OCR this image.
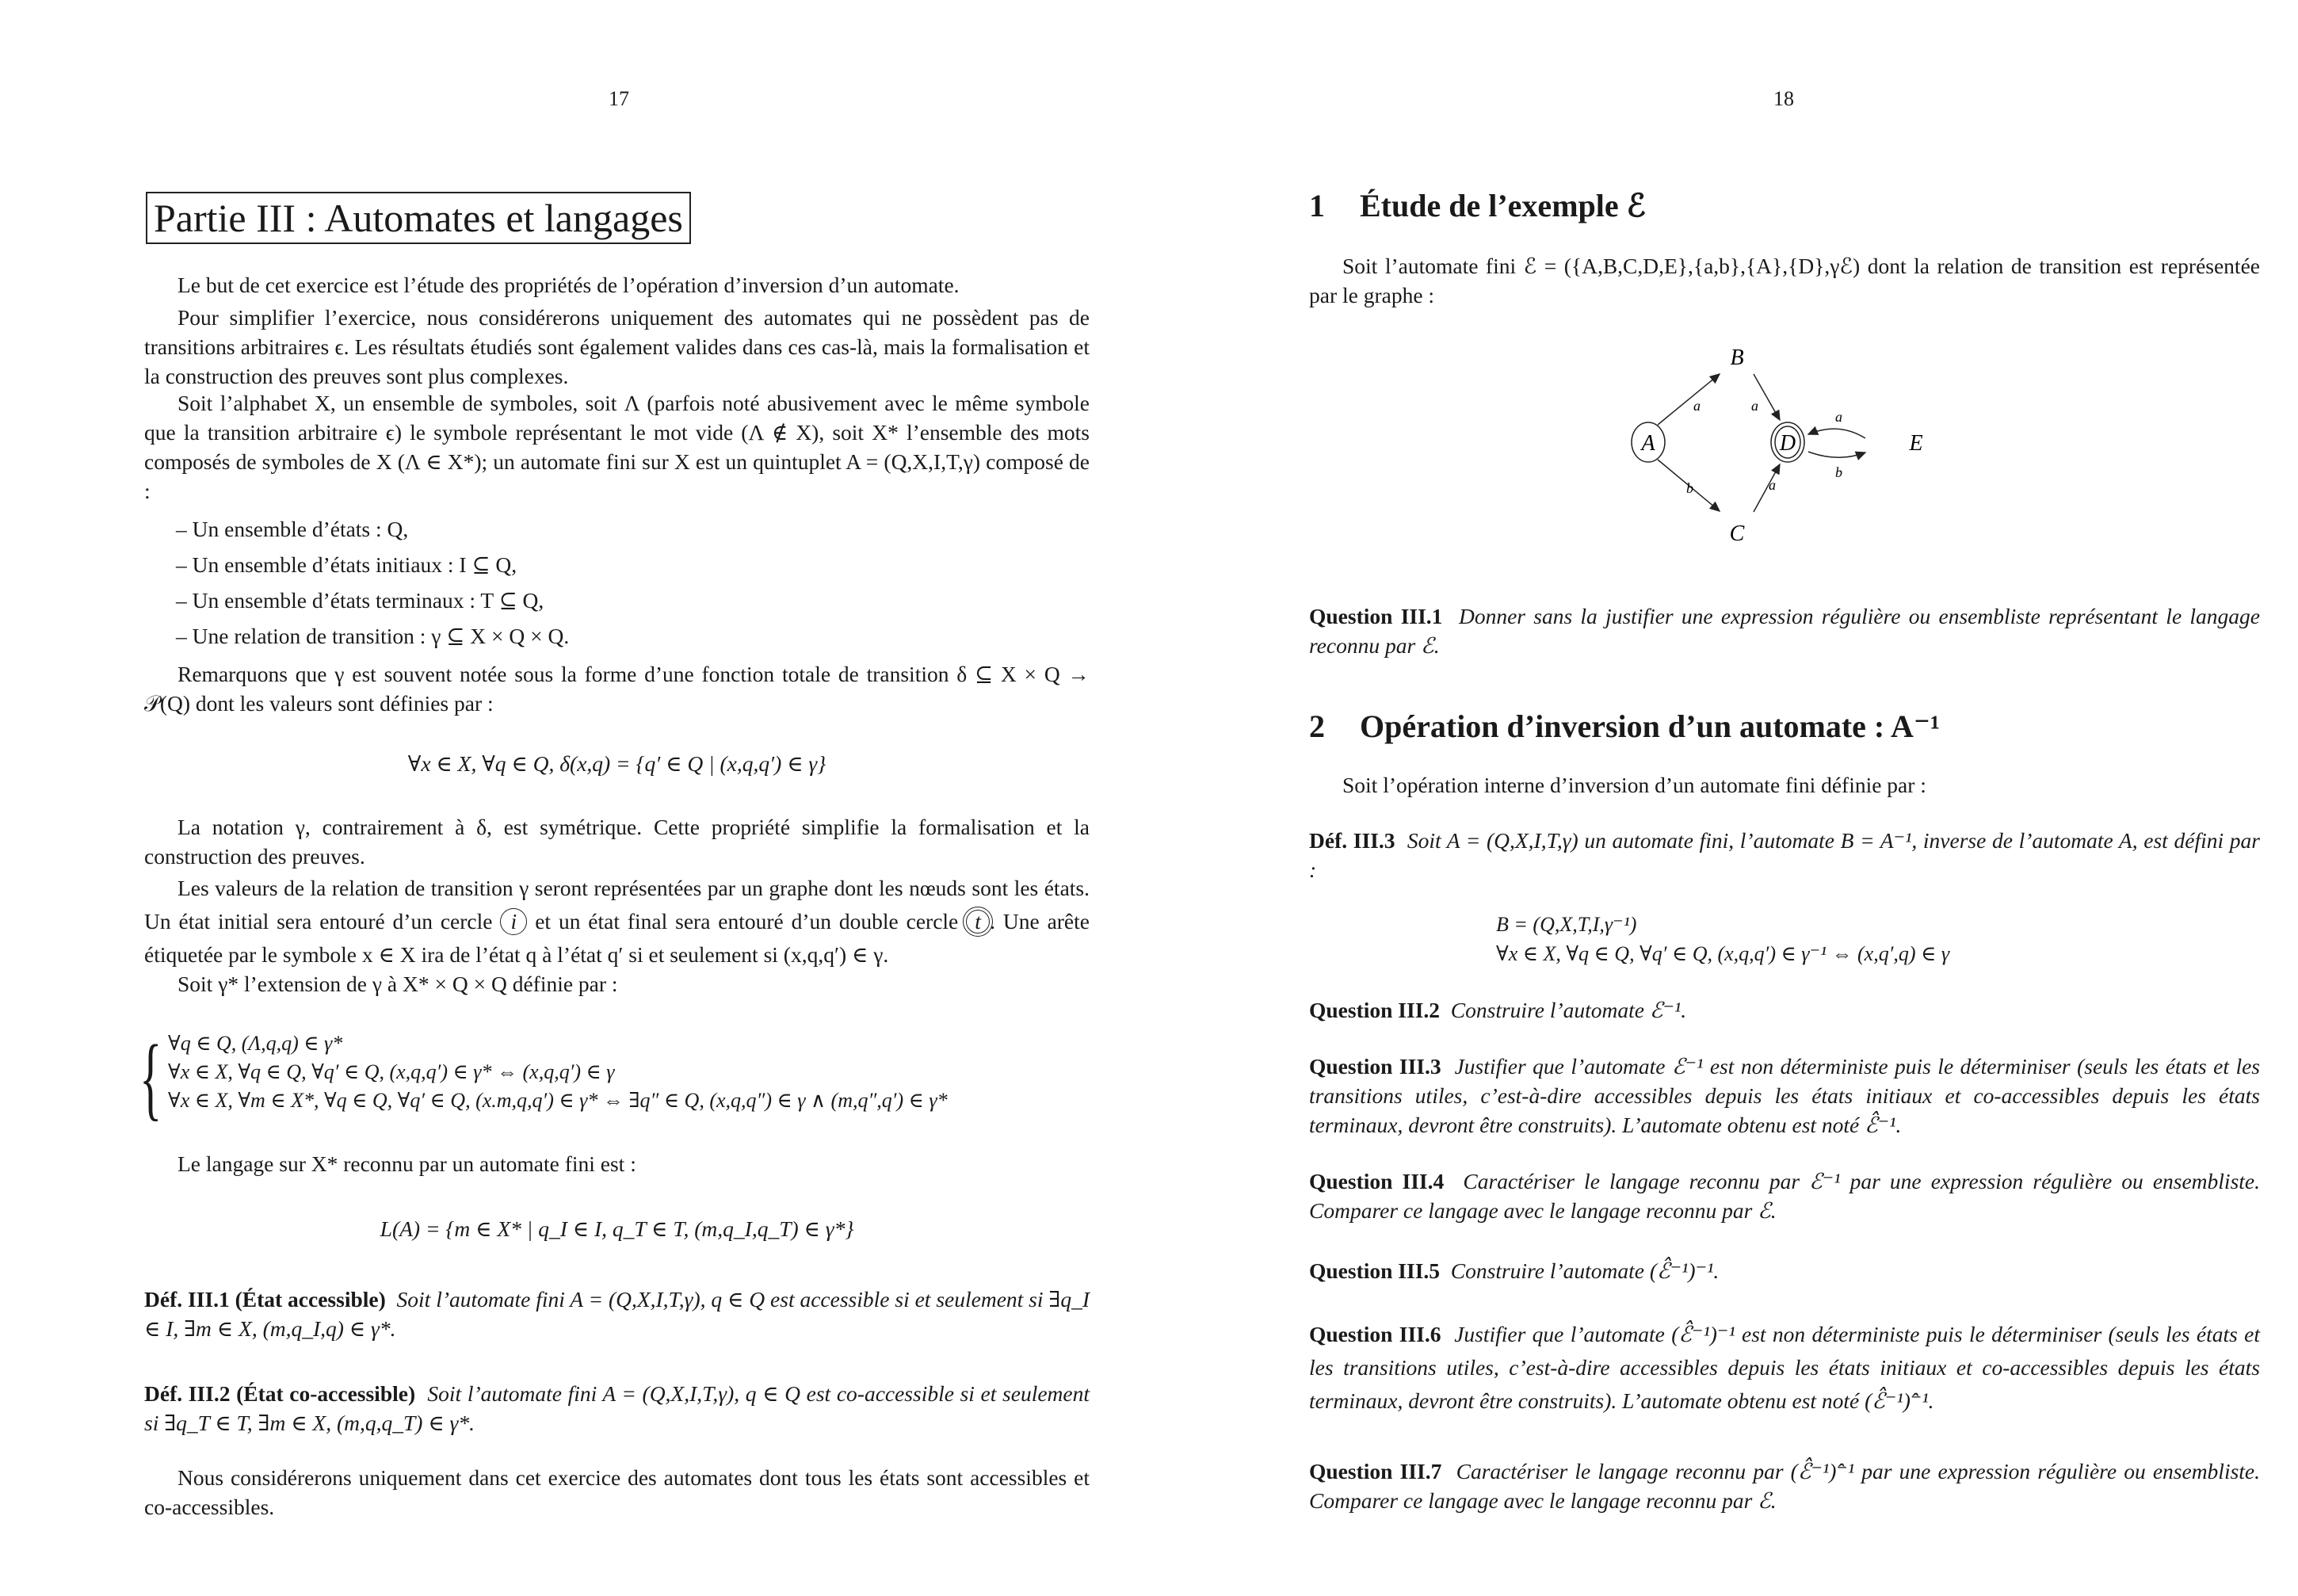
17
Partie III : Automates et langages
Le but de cet exercice est l’étude des propriétés de l’opération d’inversion d’un automate.
Pour simplifier l’exercice, nous considérerons uniquement des automates qui ne possèdent pas de transitions arbitraires ϵ. Les résultats étudiés sont également valides dans ces cas-là, mais la formalisation et la construction des preuves sont plus complexes.
Soit l’alphabet X, un ensemble de symboles, soit Λ (parfois noté abusivement avec le même symbole que la transition arbitraire ϵ) le symbole représentant le mot vide (Λ ∉ X), soit X* l’ensemble des mots composés de symboles de X (Λ ∈ X*); un automate fini sur X est un quintuplet A = (Q,X,I,T,γ) composé de :
– Un ensemble d’états : Q,
– Un ensemble d’états initiaux : I ⊆ Q,
– Un ensemble d’états terminaux : T ⊆ Q,
– Une relation de transition : γ ⊆ X × Q × Q.
Remarquons que γ est souvent notée sous la forme d’une fonction totale de transition δ ⊆ X × Q → 𝒫(Q) dont les valeurs sont définies par :
∀x ∈ X, ∀q ∈ Q, δ(x,q) = {q′ ∈ Q | (x,q,q′) ∈ γ}
La notation γ, contrairement à δ, est symétrique. Cette propriété simplifie la formalisation et la construction des preuves.
Les valeurs de la relation de transition γ seront représentées par un graphe dont les nœuds sont les états. Un état initial sera entouré d’un cercle i et un état final sera entouré d’un double cercle t . Une arête étiquetée par le symbole x ∈ X ira de l’état q à l’état q′ si et seulement si (x,q,q′) ∈ γ.
Soit γ* l’extension de γ à X* × Q × Q définie par :
{ ∀q ∈ Q, (Λ,q,q) ∈ γ*
∀x ∈ X, ∀q ∈ Q, ∀q′ ∈ Q, (x,q,q′) ∈ γ* ⇔ (x,q,q′) ∈ γ
∀x ∈ X, ∀m ∈ X*, ∀q ∈ Q, ∀q′ ∈ Q, (x.m,q,q′) ∈ γ* ⇔ ∃q″ ∈ Q, (x,q,q″) ∈ γ ∧ (m,q″,q′) ∈ γ*
Le langage sur X* reconnu par un automate fini est :
L(A) = {m ∈ X* | q_I ∈ I, q_T ∈ T, (m,q_I,q_T) ∈ γ*}
Déf. III.1 (État accessible) Soit l’automate fini A = (Q,X,I,T,γ), q ∈ Q est accessible si et seulement si ∃q_I ∈ I, ∃m ∈ X, (m,q_I,q) ∈ γ*.
Déf. III.2 (État co-accessible) Soit l’automate fini A = (Q,X,I,T,γ), q ∈ Q est co-accessible si et seulement si ∃q_T ∈ T, ∃m ∈ X, (m,q,q_T) ∈ γ*.
Nous considérerons uniquement dans cet exercice des automates dont tous les états sont accessibles et co-accessibles.
18
1 Étude de l’exemple ℰ
Soit l’automate fini ℰ = ({A,B,C,D,E},{a,b},{A},{D},γℰ) dont la relation de transition est représentée par le graphe :
A
B
C
D	E
a	a
b	a
a
b
Question III.1 Donner sans la justifier une expression régulière ou ensembliste représentant le langage reconnu par ℰ.
2 Opération d’inversion d’un automate : A⁻¹
Soit l’opération interne d’inversion d’un automate fini définie par :
Déf. III.3 Soit A = (Q,X,I,T,γ) un automate fini, l’automate B = A⁻¹, inverse de l’automate A, est défini par :
B = (Q,X,T,I,γ⁻¹)
∀x ∈ X, ∀q ∈ Q, ∀q′ ∈ Q, (x,q,q′) ∈ γ⁻¹ ⇔ (x,q′,q) ∈ γ
Question III.2 Construire l’automate ℰ⁻¹.
Question III.3 Justifier que l’automate ℰ⁻¹ est non déterministe puis le déterminiser (seuls les états et les transitions utiles, c’est-à-dire accessibles depuis les états initiaux et co-accessibles depuis les états terminaux, devront être construits). L’automate obtenu est noté ℰ̂⁻¹.
Question III.4 Caractériser le langage reconnu par ℰ⁻¹ par une expression régulière ou ensembliste. Comparer ce langage avec le langage reconnu par ℰ.
Question III.5 Construire l’automate (ℰ̂⁻¹)⁻¹.
Question III.6 Justifier que l’automate (ℰ̂⁻¹)⁻¹ est non déterministe puis le déterminiser (seuls les états et les transitions utiles, c’est-à-dire accessibles depuis les états initiaux et co-accessibles depuis les états terminaux, devront être construits). L’automate obtenu est noté (ℰ̂⁻¹)̂⁻¹.
Question III.7 Caractériser le langage reconnu par (ℰ̂⁻¹)̂⁻¹ par une expression régulière ou ensembliste. Comparer ce langage avec le langage reconnu par ℰ.
